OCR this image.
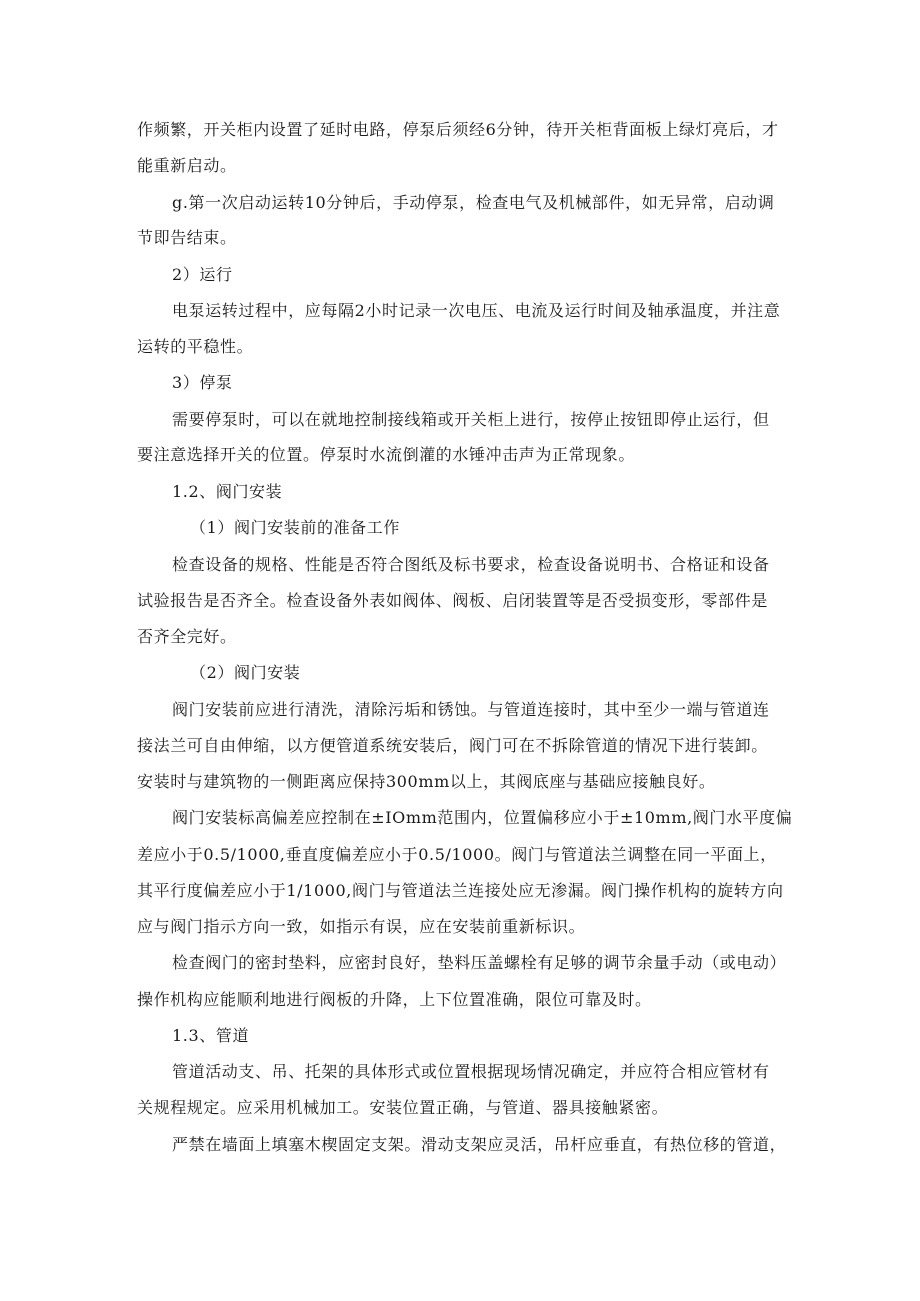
作频繁，开关柜内设置了延时电路，停泵后须经6分钟，待开关柜背面板上绿灯亮后，才
能重新启动。
g.第一次启动运转10分钟后，手动停泵，检查电气及机械部件，如无异常，启动调
节即告结束。
2）运行
电泵运转过程中，应每隔2小时记录一次电压、电流及运行时间及轴承温度，并注意
运转的平稳性。
3）停泵
需要停泵时，可以在就地控制接线箱或开关柜上进行，按停止按钮即停止运行，但
要注意选择开关的位置。停泵时水流倒灌的水锤冲击声为正常现象。
1.2、阀门安装
（1）阀门安装前的准备工作
检查设备的规格、性能是否符合图纸及标书要求，检查设备说明书、合格证和设备
试验报告是否齐全。检查设备外表如阀体、阀板、启闭装置等是否受损变形，零部件是
否齐全完好。
（2）阀门安装
阀门安装前应进行清洗，清除污垢和锈蚀。与管道连接时，其中至少一端与管道连
接法兰可自由伸缩，以方便管道系统安装后，阀门可在不拆除管道的情况下进行装卸。
安装时与建筑物的一侧距离应保持300mm以上，其阀底座与基础应接触良好。
阀门安装标高偏差应控制在±IOmm范围内，位置偏移应小于±10mm,阀门水平度偏
差应小于0.5/1000,垂直度偏差应小于0.5/1000。阀门与管道法兰调整在同一平面上，
其平行度偏差应小于1/1000,阀门与管道法兰连接处应无渗漏。阀门操作机构的旋转方向
应与阀门指示方向一致，如指示有误，应在安装前重新标识。
检查阀门的密封垫料，应密封良好，垫料压盖螺栓有足够的调节余量手动（或电动）
操作机构应能顺利地进行阀板的升降，上下位置准确，限位可靠及时。
1.3、管道
管道活动支、吊、托架的具体形式或位置根据现场情况确定，并应符合相应管材有
关规程规定。应采用机械加工。安装位置正确，与管道、器具接触紧密。
严禁在墙面上填塞木楔固定支架。滑动支架应灵活，吊杆应垂直，有热位移的管道，
